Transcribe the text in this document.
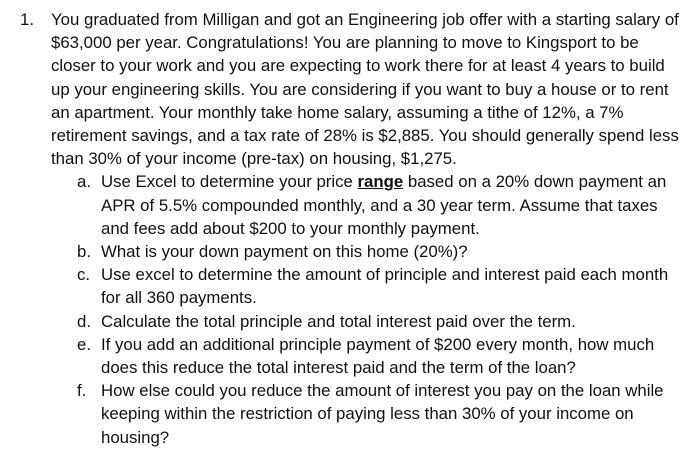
1. You graduated from Milligan and got an Engineering job offer with a starting salary of $63,000 per year. Congratulations! You are planning to move to Kingsport to be closer to your work and you are expecting to work there for at least 4 years to build up your engineering skills. You are considering if you want to buy a house or to rent an apartment. Your monthly take home salary, assuming a tithe of 12%, a 7% retirement savings, and a tax rate of 28% is $2,885. You should generally spend less than 30% of your income (pre-tax) on housing, $1,275.
a. Use Excel to determine your price range based on a 20% down payment an APR of 5.5% compounded monthly, and a 30 year term. Assume that taxes and fees add about $200 to your monthly payment.
b. What is your down payment on this home (20%)?
c. Use excel to determine the amount of principle and interest paid each month for all 360 payments.
d. Calculate the total principle and total interest paid over the term.
e. If you add an additional principle payment of $200 every month, how much does this reduce the total interest paid and the term of the loan?
f. How else could you reduce the amount of interest you pay on the loan while keeping within the restriction of paying less than 30% of your income on housing?
